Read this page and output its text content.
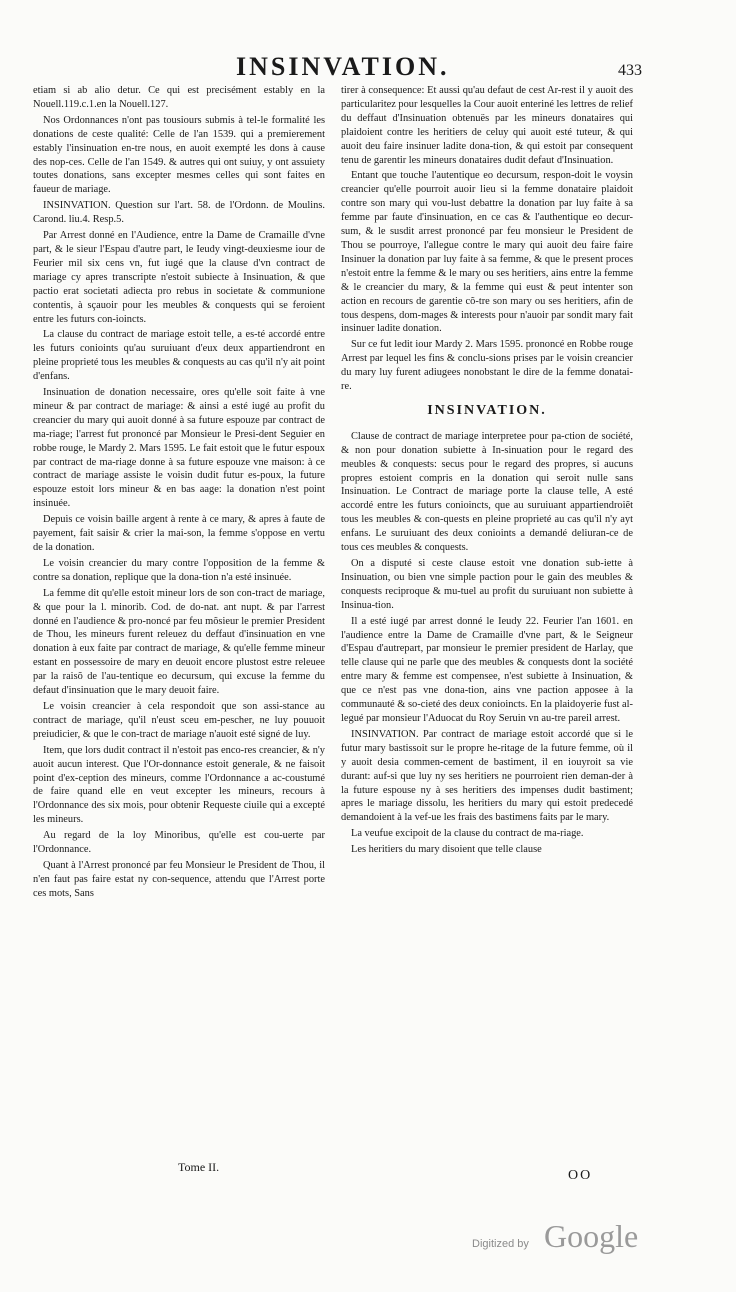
INSINVATION.	433

etiam si ab alio detur. Ce qui est precisément estably en la Nouell.119.c.1.en la Nouell.127.

Nos Ordonnances n'ont pas tousiours submis à tel-le formalité les donations de ceste qualité: Celle de l'an 1539. qui a premierement estably l'insinuation en-tre nous, en auoit exempté les dons à cause des nop-ces. Celle de l'an 1549. & autres qui ont suiuy, y ont assuiety toutes donations, sans excepter mesmes celles qui sont faites en faueur de mariage.

INSINVATION. Question sur l'art. 58. de l'Ordonn. de Moulins. Carond. liu.4. Resp.5.

Par Arrest donné en l'Audience, entre la Dame de Cramaille d'vne part, & le sieur l'Espau d'autre part, le Ieudy vingt-deuxiesme iour de Feurier mil six cens vn, fut iugé que la clause d'vn contract de mariage cy apres transcripte n'estoit subiecte à Insinuation, & que pactio erat societati adiecta pro rebus in societate & communione contentis, à sçauoir pour les meubles & conquests qui se feroient entre les futurs con-ioincts.

La clause du contract de mariage estoit telle, a es-té accordé entre les futurs conioints qu'au suruiuant d'eux deux appartiendront en pleine proprieté tous les meubles & conquests au cas qu'il n'y ait point d'enfans.

Insinuation de donation necessaire, ores qu'elle soit faite à vne mineur & par contract de mariage: & ainsi a esté iugé au profit du creancier du mary qui auoit donné à sa future espouze par contract de ma-riage; l'arrest fut prononcé par Monsieur le Presi-dent Seguier en robbe rouge, le Mardy 2. Mars 1595. Le fait estoit que le futur espoux par contract de ma-riage donne à sa future espouze vne maison: à ce contract de mariage assiste le voisin dudit futur es-poux, la future espouze estoit lors mineur & en bas aage: la donation n'est point insinuée.

Depuis ce voisin baille argent à rente à ce mary, & apres à faute de payement, fait saisir & crier la mai-son, la femme s'oppose en vertu de la donation.

Le voisin creancier du mary contre l'opposition de la femme & contre sa donation, replique que la dona-tion n'a esté insinuée.

La femme dit qu'elle estoit mineur lors de son con-tract de mariage, & que pour la l. minorib. Cod. de do-nat. ant nupt. & par l'arrest donné en l'audience & pro-noncé par feu mõsieur le premier President de Thou, les mineurs furent releuez du deffaut d'insinuation en vne donation à eux faite par contract de mariage, & qu'elle femme mineur estant en possessoire de mary en deuoit encore plustost estre releuee par la raisõ de l'au-tentique eo decursum, qui excuse la femme du defaut d'insinuation que le mary deuoit faire.

Le voisin creancier à cela respondoit que son assi-stance au contract de mariage, qu'il n'eust sceu em-pescher, ne luy pouuoit preiudicier, & que le con-tract de mariage n'auoit esté signé de luy.

Item, que lors dudit contract il n'estoit pas enco-res creancier, & n'y auoit aucun interest. Que l'Or-donnance estoit generale, & ne faisoit point d'ex-ception des mineurs, comme l'Ordonnance a ac-coustumé de faire quand elle en veut excepter les mineurs, recours à l'Ordonnance des six mois, pour obtenir Requeste ciuile qui a excepté les mineurs.

Au regard de la loy Minoribus, qu'elle est cou-uerte par l'Ordonnance.

Quant à l'Arrest prononcé par feu Monsieur le President de Thou, il n'en faut pas faire estat ny con-sequence, attendu que l'Arrest porte ces mots, Sans

tirer à consequence: Et aussi qu'au defaut de cest Ar-rest il y auoit des particularitez pour lesquelles la Cour auoit enteriné les lettres de relief du deffaut d'Insinuation obtenuës par les mineurs donataires qui plaidoient contre les heritiers de celuy qui auoit esté tuteur, & qui auoit deu faire insinuer ladite dona-tion, & qui estoit par consequent tenu de garentir les mineurs donataires dudit defaut d'Insinuation.

Entant que touche l'autentique eo decursum, respon-doit le voysin creancier qu'elle pourroit auoir lieu si la femme donataire plaidoit contre son mary qui vou-lust debattre la donation par luy faite à sa femme par faute d'insinuation, en ce cas & l'authentique eo decur-sum, & le susdit arrest prononcé par feu monsieur le President de Thou se pourroye, l'allegue contre le mary qui auoit deu faire faire Insinuer la donation par luy faite à sa femme, & que le present proces n'estoit entre la femme & le mary ou ses heritiers, ains entre la femme & le creancier du mary, & la femme qui eust & peut intenter son action en recours de garentie cõ-tre son mary ou ses heritiers, afin de tous despens, dom-mages & interests pour n'auoir par sondit mary fait insinuer ladite donation.

Sur ce fut ledit iour Mardy 2. Mars 1595. prononcé en Robbe rouge Arrest par lequel les fins & conclu-sions prises par le voisin creancier du mary luy furent adiugees nonobstant le dire de la femme donatai-re.

INSINVATION.

Clause de contract de mariage interpretee pour pa-ction de société, & non pour donation subiette à In-sinuation pour le regard des meubles & conquests: secus pour le regard des propres, si aucuns propres estoient compris en la donation qui seroit nulle sans Insinuation. Le Contract de mariage porte la clause telle, A esté accordé entre les futurs conioincts, que au suruiuant appartiendroiẽt tous les meubles & con-quests en pleine proprieté au cas qu'il n'y ayt enfans. Le suruiuant des deux conioints a demandé deliuran-ce de tous ces meubles & conquests.

On a disputé si ceste clause estoit vne donation sub-iette à Insinuation, ou bien vne simple paction pour le gain des meubles & conquests reciproque & mu-tuel au profit du suruiuant non subiette à Insinua-tion.

Il a esté iugé par arrest donné le Ieudy 22. Feurier l'an 1601. en l'audience entre la Dame de Cramaille d'vne part, & le Seigneur d'Espau d'autrepart, par monsieur le premier president de Harlay, que telle clause qui ne parle que des meubles & conquests dont la société entre mary & femme est compensee, n'est subiette à Insinuation, & que ce n'est pas vne dona-tion, ains vne paction apposee à la communauté & so-cieté des deux conioincts. En la plaidoyerie fust al-legué par monsieur l'Aduocat du Roy Seruin vn au-tre pareil arrest.

INSINVATION. Par contract de mariage estoit accordé que si le futur mary bastissoit sur le propre he-ritage de la future femme, où il y auoit desia commen-cement de bastiment, il en iouyroit sa vie durant: auf-si que luy ny ses heritiers ne pourroient rien deman-der à la future espouse ny à ses heritiers des impenses dudit bastiment; apres le mariage dissolu, les heritiers du mary qui estoit predecedé demandoient à la vef-ue les frais des bastimens faits par le mary.

La veufue excipoit de la clause du contract de ma-riage.

Les heritiers du mary disoient que telle clause

Tome II.
OO
Digitized by Google
